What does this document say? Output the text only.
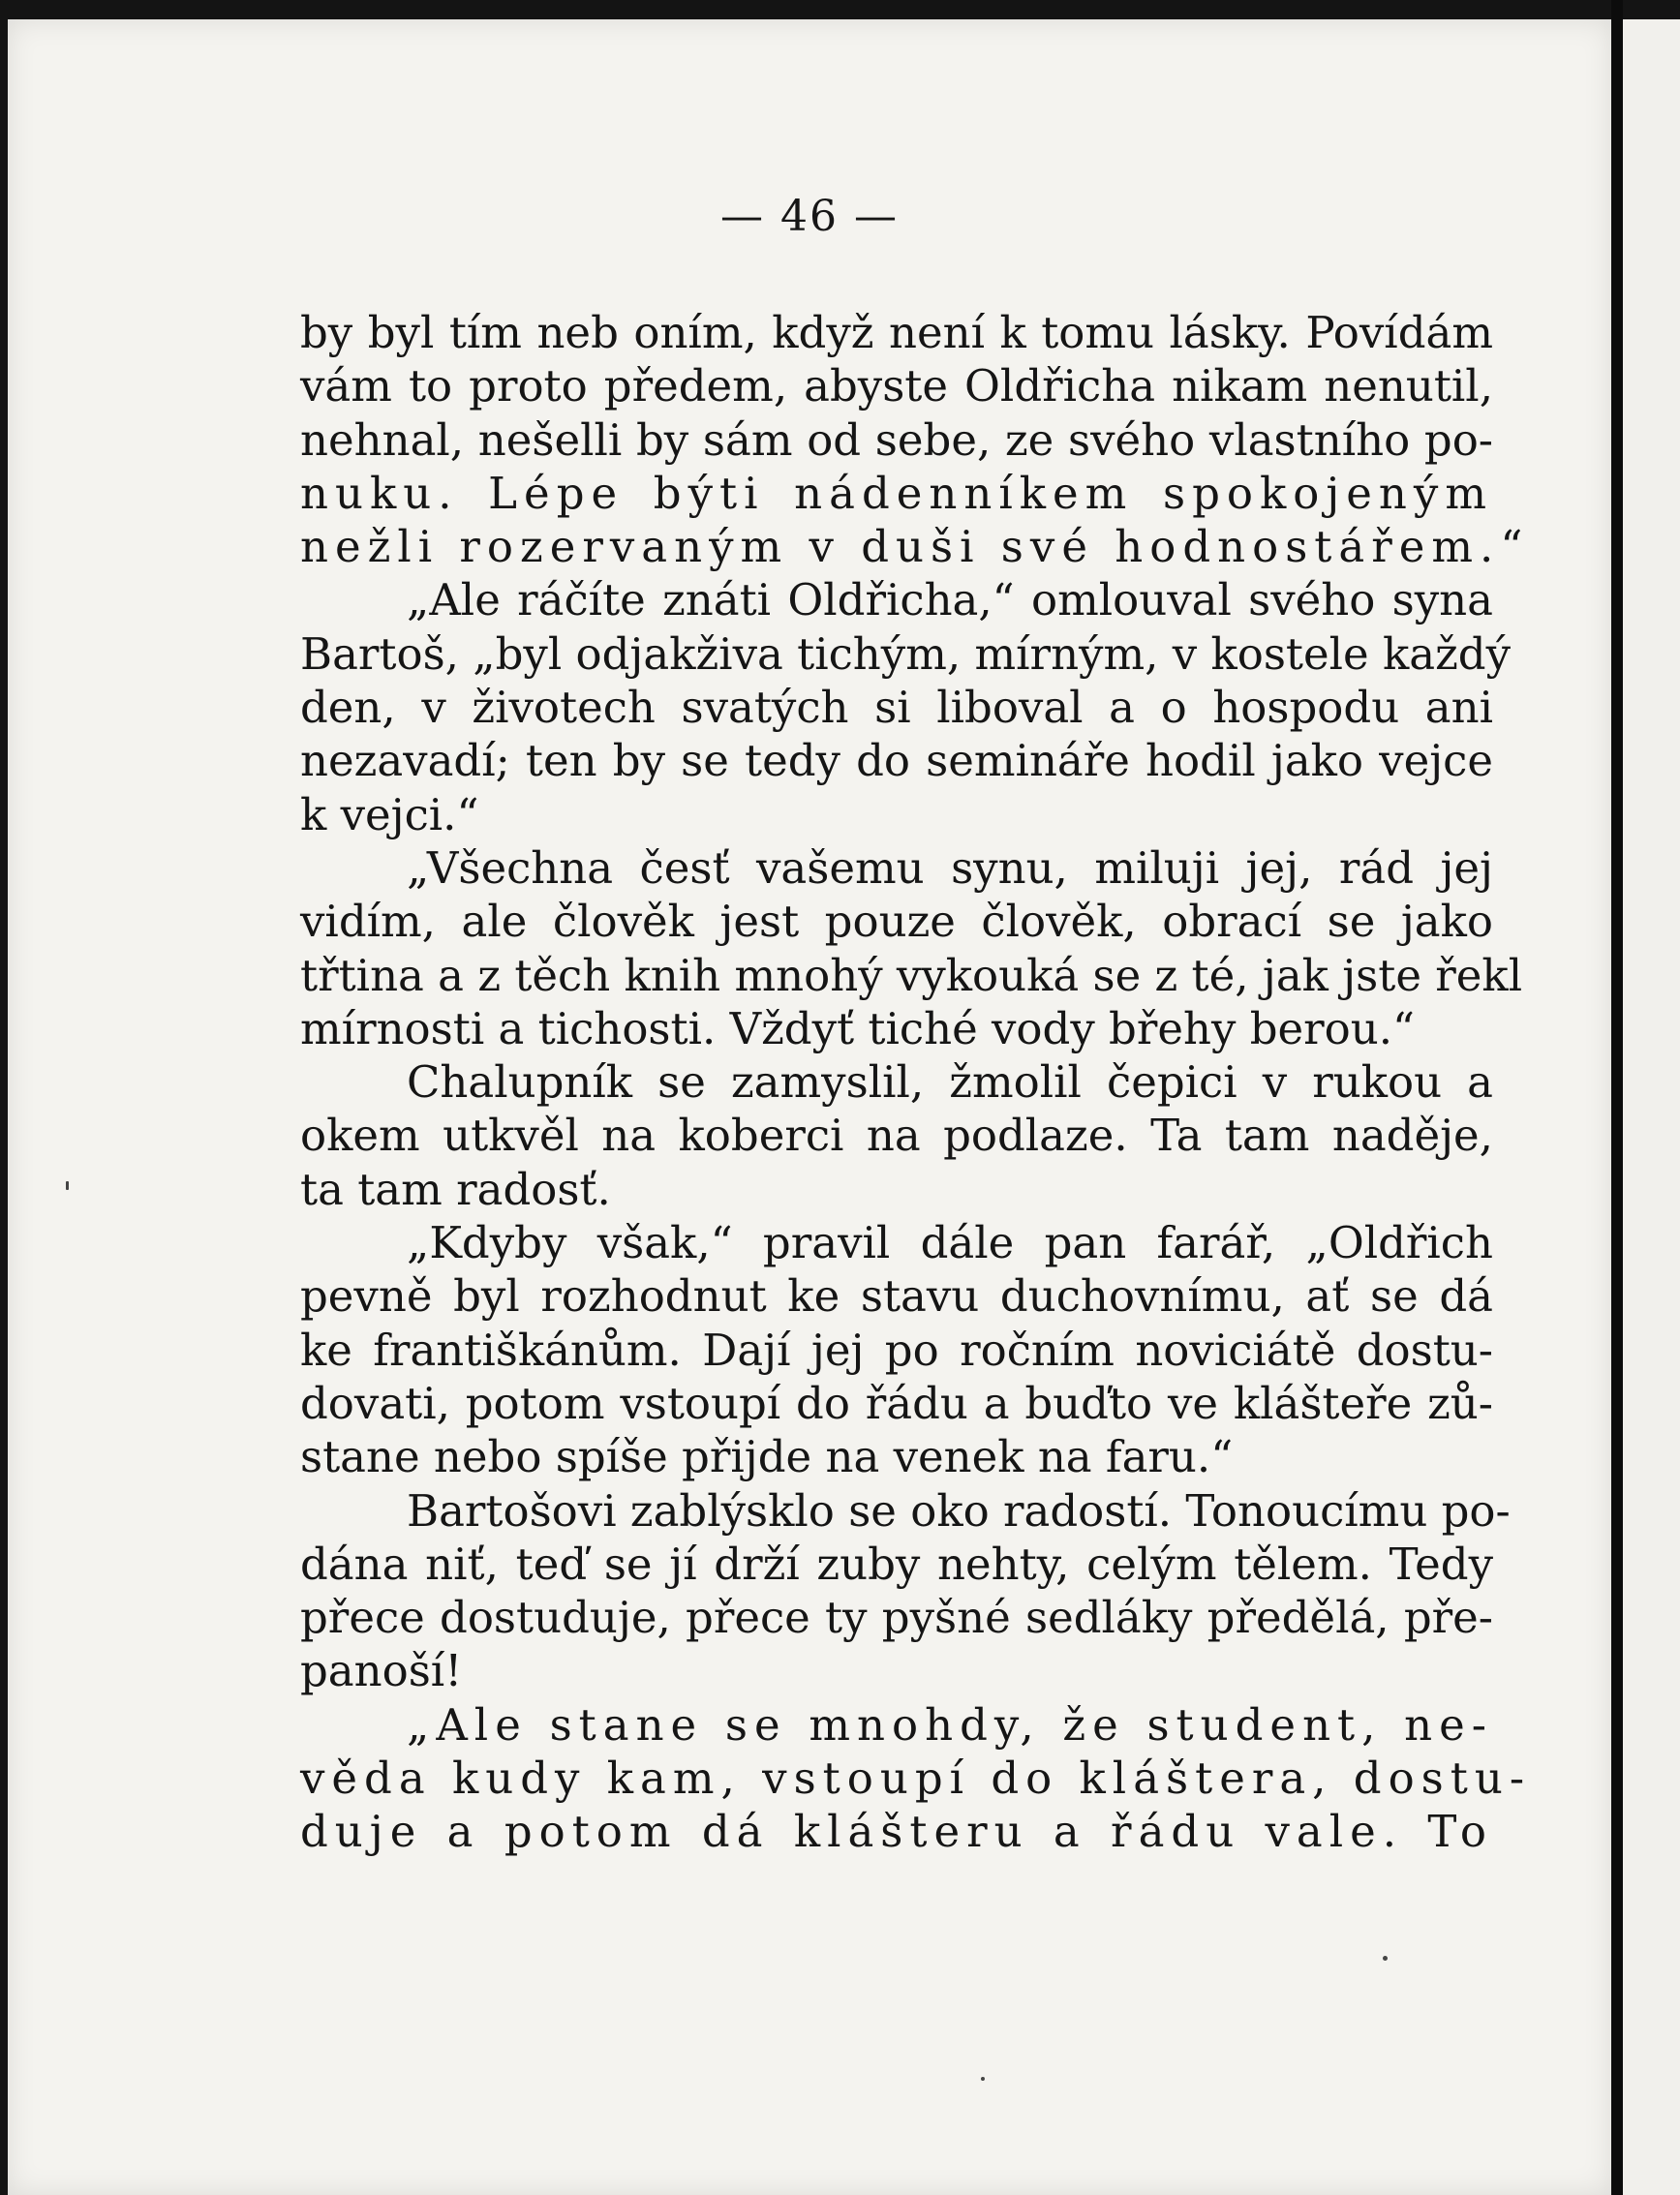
— 46 —
by byl tím neb oním, když není k tomu lásky. Povídám
vám to proto předem, abyste Oldřicha nikam nenutil,
nehnal, nešelli by sám od sebe, ze svého vlastního po-
nuku. Lépe býti nádenníkem spokojeným
nežli rozervaným v duši své hodnostářem.“
„Ale ráčíte znáti Oldřicha,“ omlouval svého syna
Bartoš, „byl odjakživa tichým, mírným, v kostele každý
den, v životech svatých si liboval a o hospodu ani
nezavadí; ten by se tedy do semináře hodil jako vejce
k vejci.“
„Všechna česť vašemu synu, miluji jej, rád jej
vidím, ale člověk jest pouze člověk, obrací se jako
třtina a z těch knih mnohý vykouká se z té, jak jste řekl
mírnosti a tichosti. Vždyť tiché vody břehy berou.“
Chalupník se zamyslil, žmolil čepici v rukou a
okem utkvěl na koberci na podlaze. Ta tam naděje,
ta tam radosť.
„Kdyby však,“ pravil dále pan farář, „Oldřich
pevně byl rozhodnut ke stavu duchovnímu, ať se dá
ke františkánům. Dají jej po ročním noviciátě dostu-
dovati, potom vstoupí do řádu a buďto ve klášteře zů-
stane nebo spíše přijde na venek na faru.“
Bartošovi zablýsklo se oko radostí. Tonoucímu po-
dána niť, teď se jí drží zuby nehty, celým tělem. Tedy
přece dostuduje, přece ty pyšné sedláky předělá, pře-
panoší!
„Ale stane se mnohdy, že student, ne-
věda kudy kam, vstoupí do kláštera, dostu-
duje a potom dá klášteru a řádu vale. To
